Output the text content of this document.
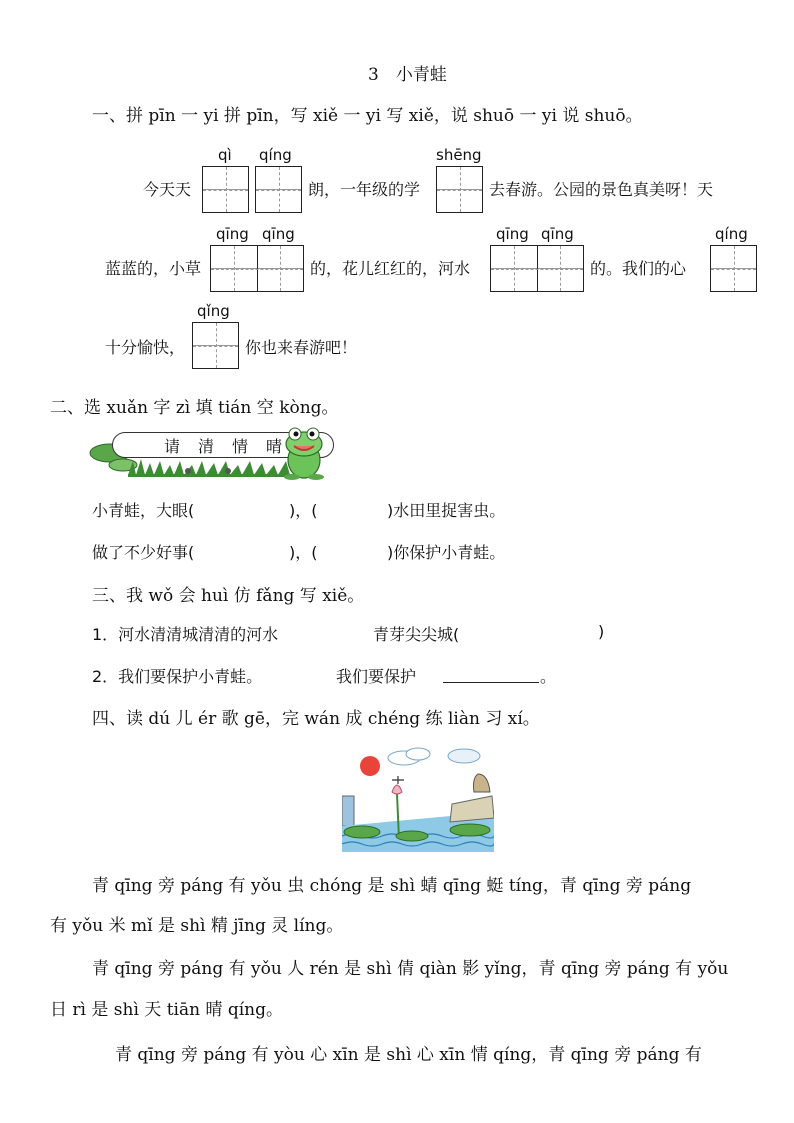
3　小青蛙
一、拼 pīn 一 yi 拼 pīn，写 xiě 一 yi 写 xiě，说 shuō 一 yi 说 shuō。
今天天
qì qíng
朗，一年级的学
shēng
去春游。公园的景色真美呀！天
蓝蓝的，小草
qīng qīng
的，花儿红红的，河水
qīng qīng
的。我们的心
qíng
qǐng
十分愉快，	你也来春游吧！
二、选 xuǎn 字 zì 填 tián 空 kòng。
请 清 情 晴
小青蛙，大眼(	)，(	)水田里捉害虫。
做了不少好事(	)，(	)你保护小青蛙。
三、我 wǒ 会 huì 仿 fǎng 写 xiě。
1．河水清清城清清的河水	青芽尖尖城(	)
2．我们要保护小青蛙。	我们要保护	。
四、读 dú 儿 ér 歌 gē，完 wán 成 chéng 练 liàn 习 xí。
青 qīng 旁 páng 有 yǒu 虫 chóng 是 shì 蜻 qīng 蜓 tíng，青 qīng 旁 páng
有 yǒu 米 mǐ 是 shì 精 jīng 灵 líng。
青 qīng 旁 páng 有 yǒu 人 rén 是 shì 倩 qiàn 影 yǐng，青 qīng 旁 páng 有 yǒu
日 rì 是 shì 天 tiān 晴 qíng。
青 qīng 旁 páng 有 yòu 心 xīn 是 shì 心 xīn 情 qíng，青 qīng 旁 páng 有
